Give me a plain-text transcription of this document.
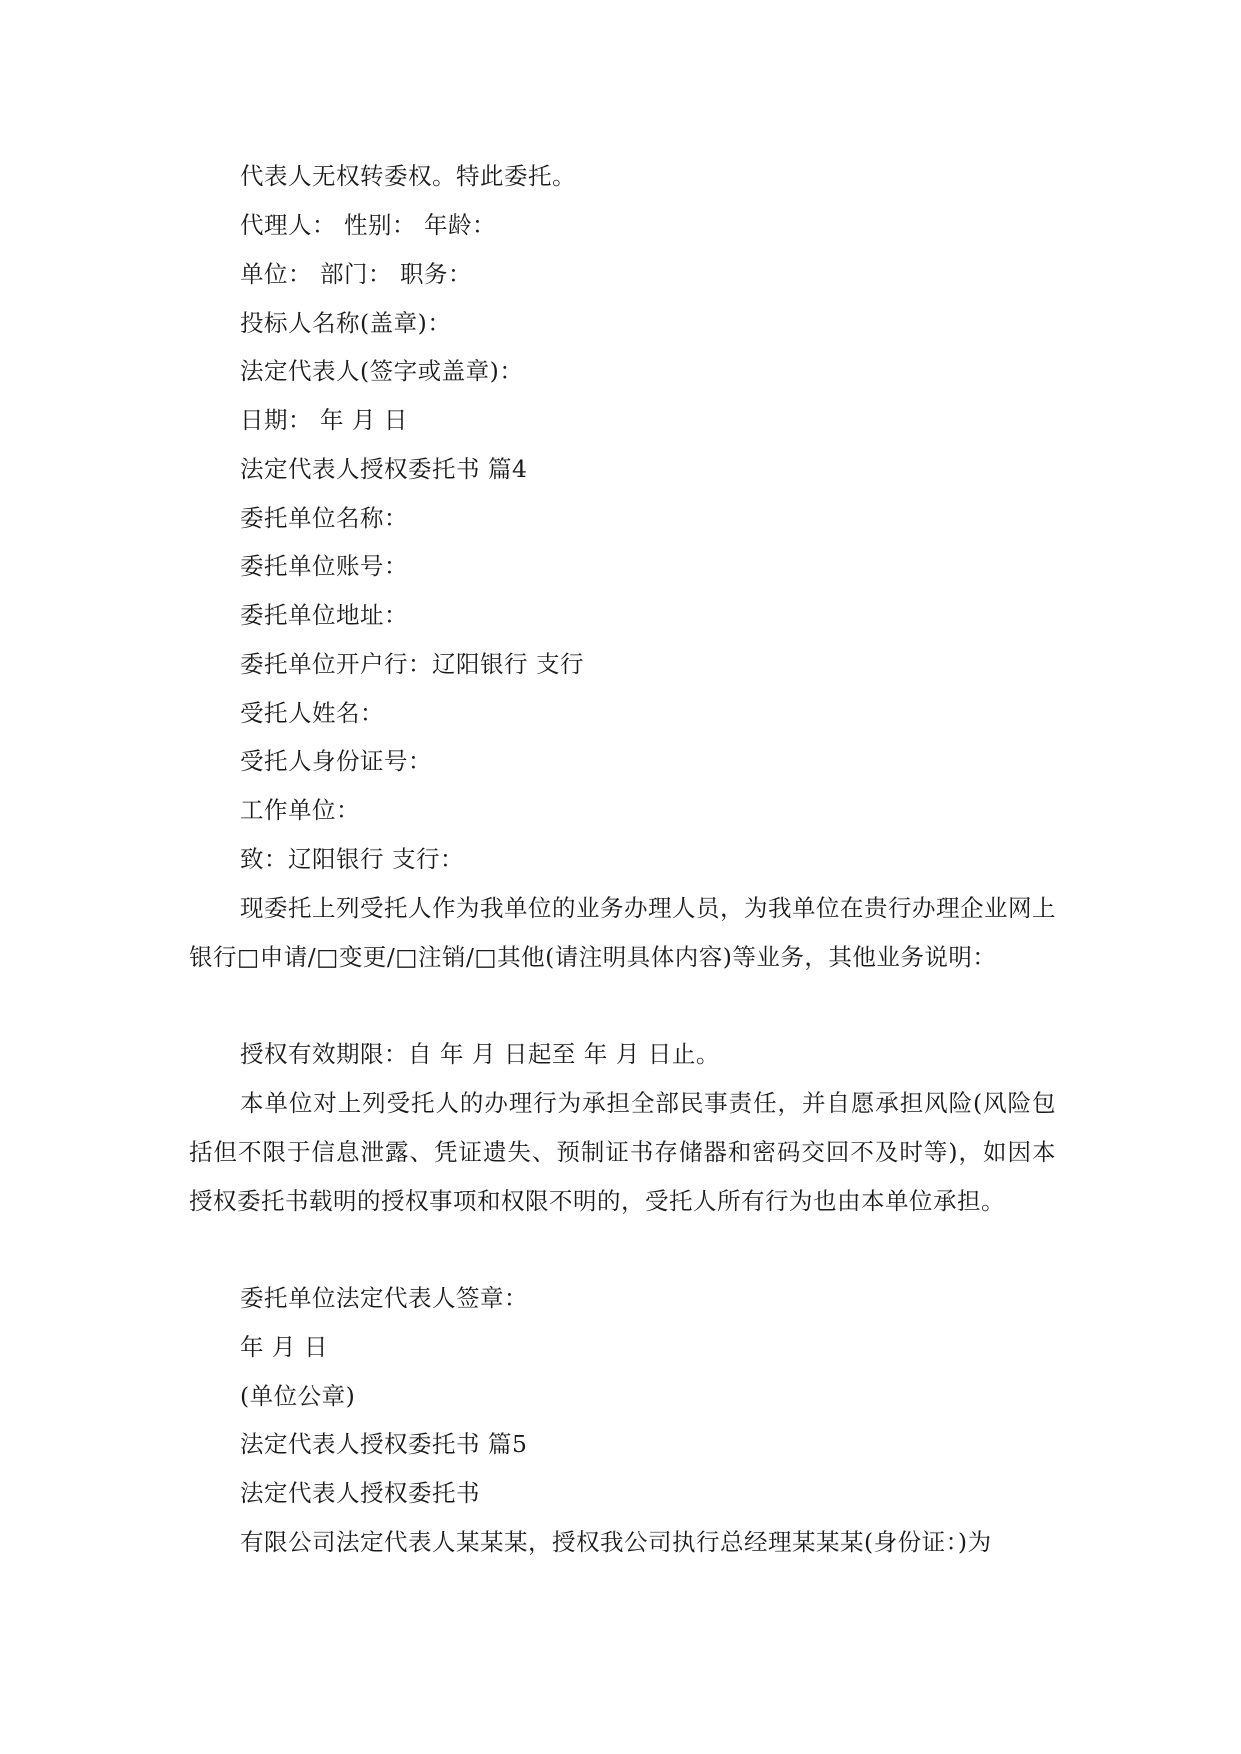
代表人无权转委权。特此委托。
代理人： 性别： 年龄：
单位： 部门： 职务：
投标人名称(盖章)：
法定代表人(签字或盖章)：
日期： 年 月 日
法定代表人授权委托书 篇4
委托单位名称：
委托单位账号：
委托单位地址：
委托单位开户行：辽阳银行 支行
受托人姓名：
受托人身份证号：
工作单位：
致：辽阳银行 支行：
现委托上列受托人作为我单位的业务办理人员，为我单位在贵行办理企业网上银行□申请/□变更/□注销/□其他(请注明具体内容)等业务，其他业务说明：
授权有效期限：自 年 月 日起至 年 月 日止。
本单位对上列受托人的办理行为承担全部民事责任，并自愿承担风险(风险包括但不限于信息泄露、凭证遗失、预制证书存储器和密码交回不及时等)，如因本授权委托书载明的授权事项和权限不明的，受托人所有行为也由本单位承担。
委托单位法定代表人签章：
年 月 日
(单位公章)
法定代表人授权委托书 篇5
法定代表人授权委托书
有限公司法定代表人某某某，授权我公司执行总经理某某某(身份证：)为
